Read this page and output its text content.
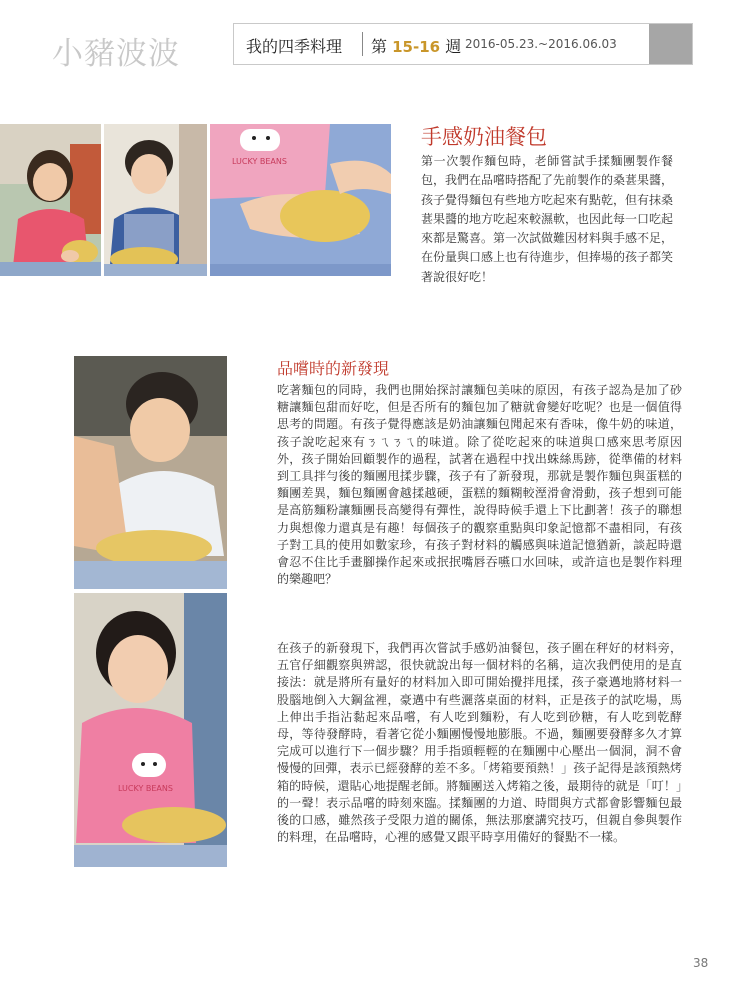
小豬波波	我的四季料理 第 15-16 週 2016-05.23.~2016.06.03
LUCKY BEANS
手感奶油餐包
第一次製作麵包時，老師嘗試手揉麵團製作餐包，我們在品嚐時搭配了先前製作的桑葚果醬，孩子覺得麵包有些地方吃起來有點乾，但有抹桑葚果醬的地方吃起來較濕軟，也因此每一口吃起來都是驚喜。第一次試做難因材料與手感不足，在份量與口感上也有待進步，但捧場的孩子都笑著說很好吃！
LUCKY BEANS
品嚐時的新發現
吃著麵包的同時，我們也開始探討讓麵包美味的原因，有孩子認為是加了砂糖讓麵包甜而好吃，但是否所有的麵包加了糖就會變好吃呢？也是一個值得思考的問題。有孩子覺得應該是奶油讓麵包聞起來有香味，像牛奶的味道，孩子說吃起來有ㄋㄟㄋㄟ的味道。除了從吃起來的味道與口感來思考原因外，孩子開始回顧製作的過程，試著在過程中找出蛛絲馬跡，從準備的材料到工具拌勻後的麵團甩揉步驟，孩子有了新發現，那就是製作麵包與蛋糕的麵團差異，麵包麵團會越揉越硬，蛋糕的麵糊較溼滑會滑動，孩子想到可能是高筋麵粉讓麵團長高變得有彈性，說得時候手還上下比劃著！孩子的聯想力與想像力還真是有趣！每個孩子的觀察重點與印象記憶都不盡相同，有孩子對工具的使用如數家珍，有孩子對材料的觸感與味道記憶猶新，談起時還會忍不住比手畫腳操作起來或抿抿嘴唇吞嚥口水回味，或許這也是製作料理的樂趣吧？
在孩子的新發現下，我們再次嘗試手感奶油餐包，孩子圍在秤好的材料旁，五官仔細觀察與辨認，很快就說出每一個材料的名稱，這次我們使用的是直接法：就是將所有量好的材料加入即可開始攪拌甩揉，孩子豪邁地將材料一股腦地倒入大鋼盆裡，豪邁中有些灑落桌面的材料，正是孩子的試吃場，馬上伸出手指沾黏起來品嚐，有人吃到麵粉，有人吃到砂糖，有人吃到乾酵母，等待發酵時，看著它從小麵團慢慢地膨脹。不過，麵團要發酵多久才算完成可以進行下一個步驟？用手指頭輕輕的在麵團中心壓出一個洞，洞不會慢慢的回彈，表示已經發酵的差不多。「烤箱要預熱！」孩子記得是該預熱烤箱的時候，還貼心地提醒老師。將麵團送入烤箱之後，最期待的就是「叮！」的一聲！表示品嚐的時刻來臨。揉麵團的力道、時間與方式都會影響麵包最後的口感，雖然孩子受限力道的關係，無法那麼講究技巧，但親自參與製作的料理，在品嚐時，心裡的感覺又跟平時享用備好的餐點不一樣。
38
